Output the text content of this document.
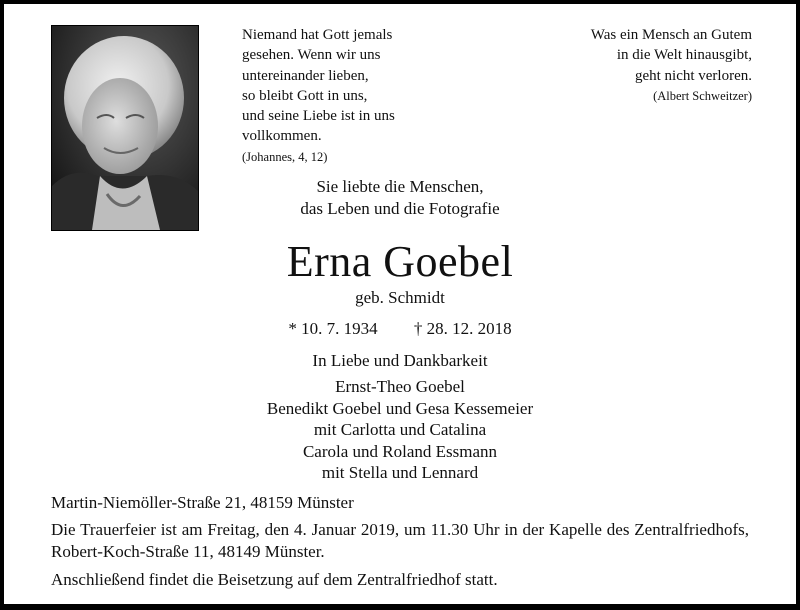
Niemand hat Gott jemals
gesehen. Wenn wir uns
untereinander lieben,
so bleibt Gott in uns,
und seine Liebe ist in uns
vollkommen.
(Johannes, 4, 12)
Was ein Mensch an Gutem
in die Welt hinausgibt,
geht nicht verloren.
(Albert Schweitzer)
Sie liebte die Menschen,
das Leben und die Fotografie
Erna Goebel
geb. Schmidt
* 10. 7. 1934 † 28. 12. 2018
In Liebe und Dankbarkeit
Ernst-Theo Goebel
Benedikt Goebel und Gesa Kessemeier
mit Carlotta und Catalina
Carola und Roland Essmann
mit Stella und Lennard
Martin-Niemöller-Straße 21, 48159 Münster
Die Trauerfeier ist am Freitag, den 4. Januar 2019, um 11.30 Uhr in der Kapelle des Zentralfriedhofs, Robert-Koch-Straße 11, 48149 Münster.
Anschließend findet die Beisetzung auf dem Zentralfriedhof statt.
